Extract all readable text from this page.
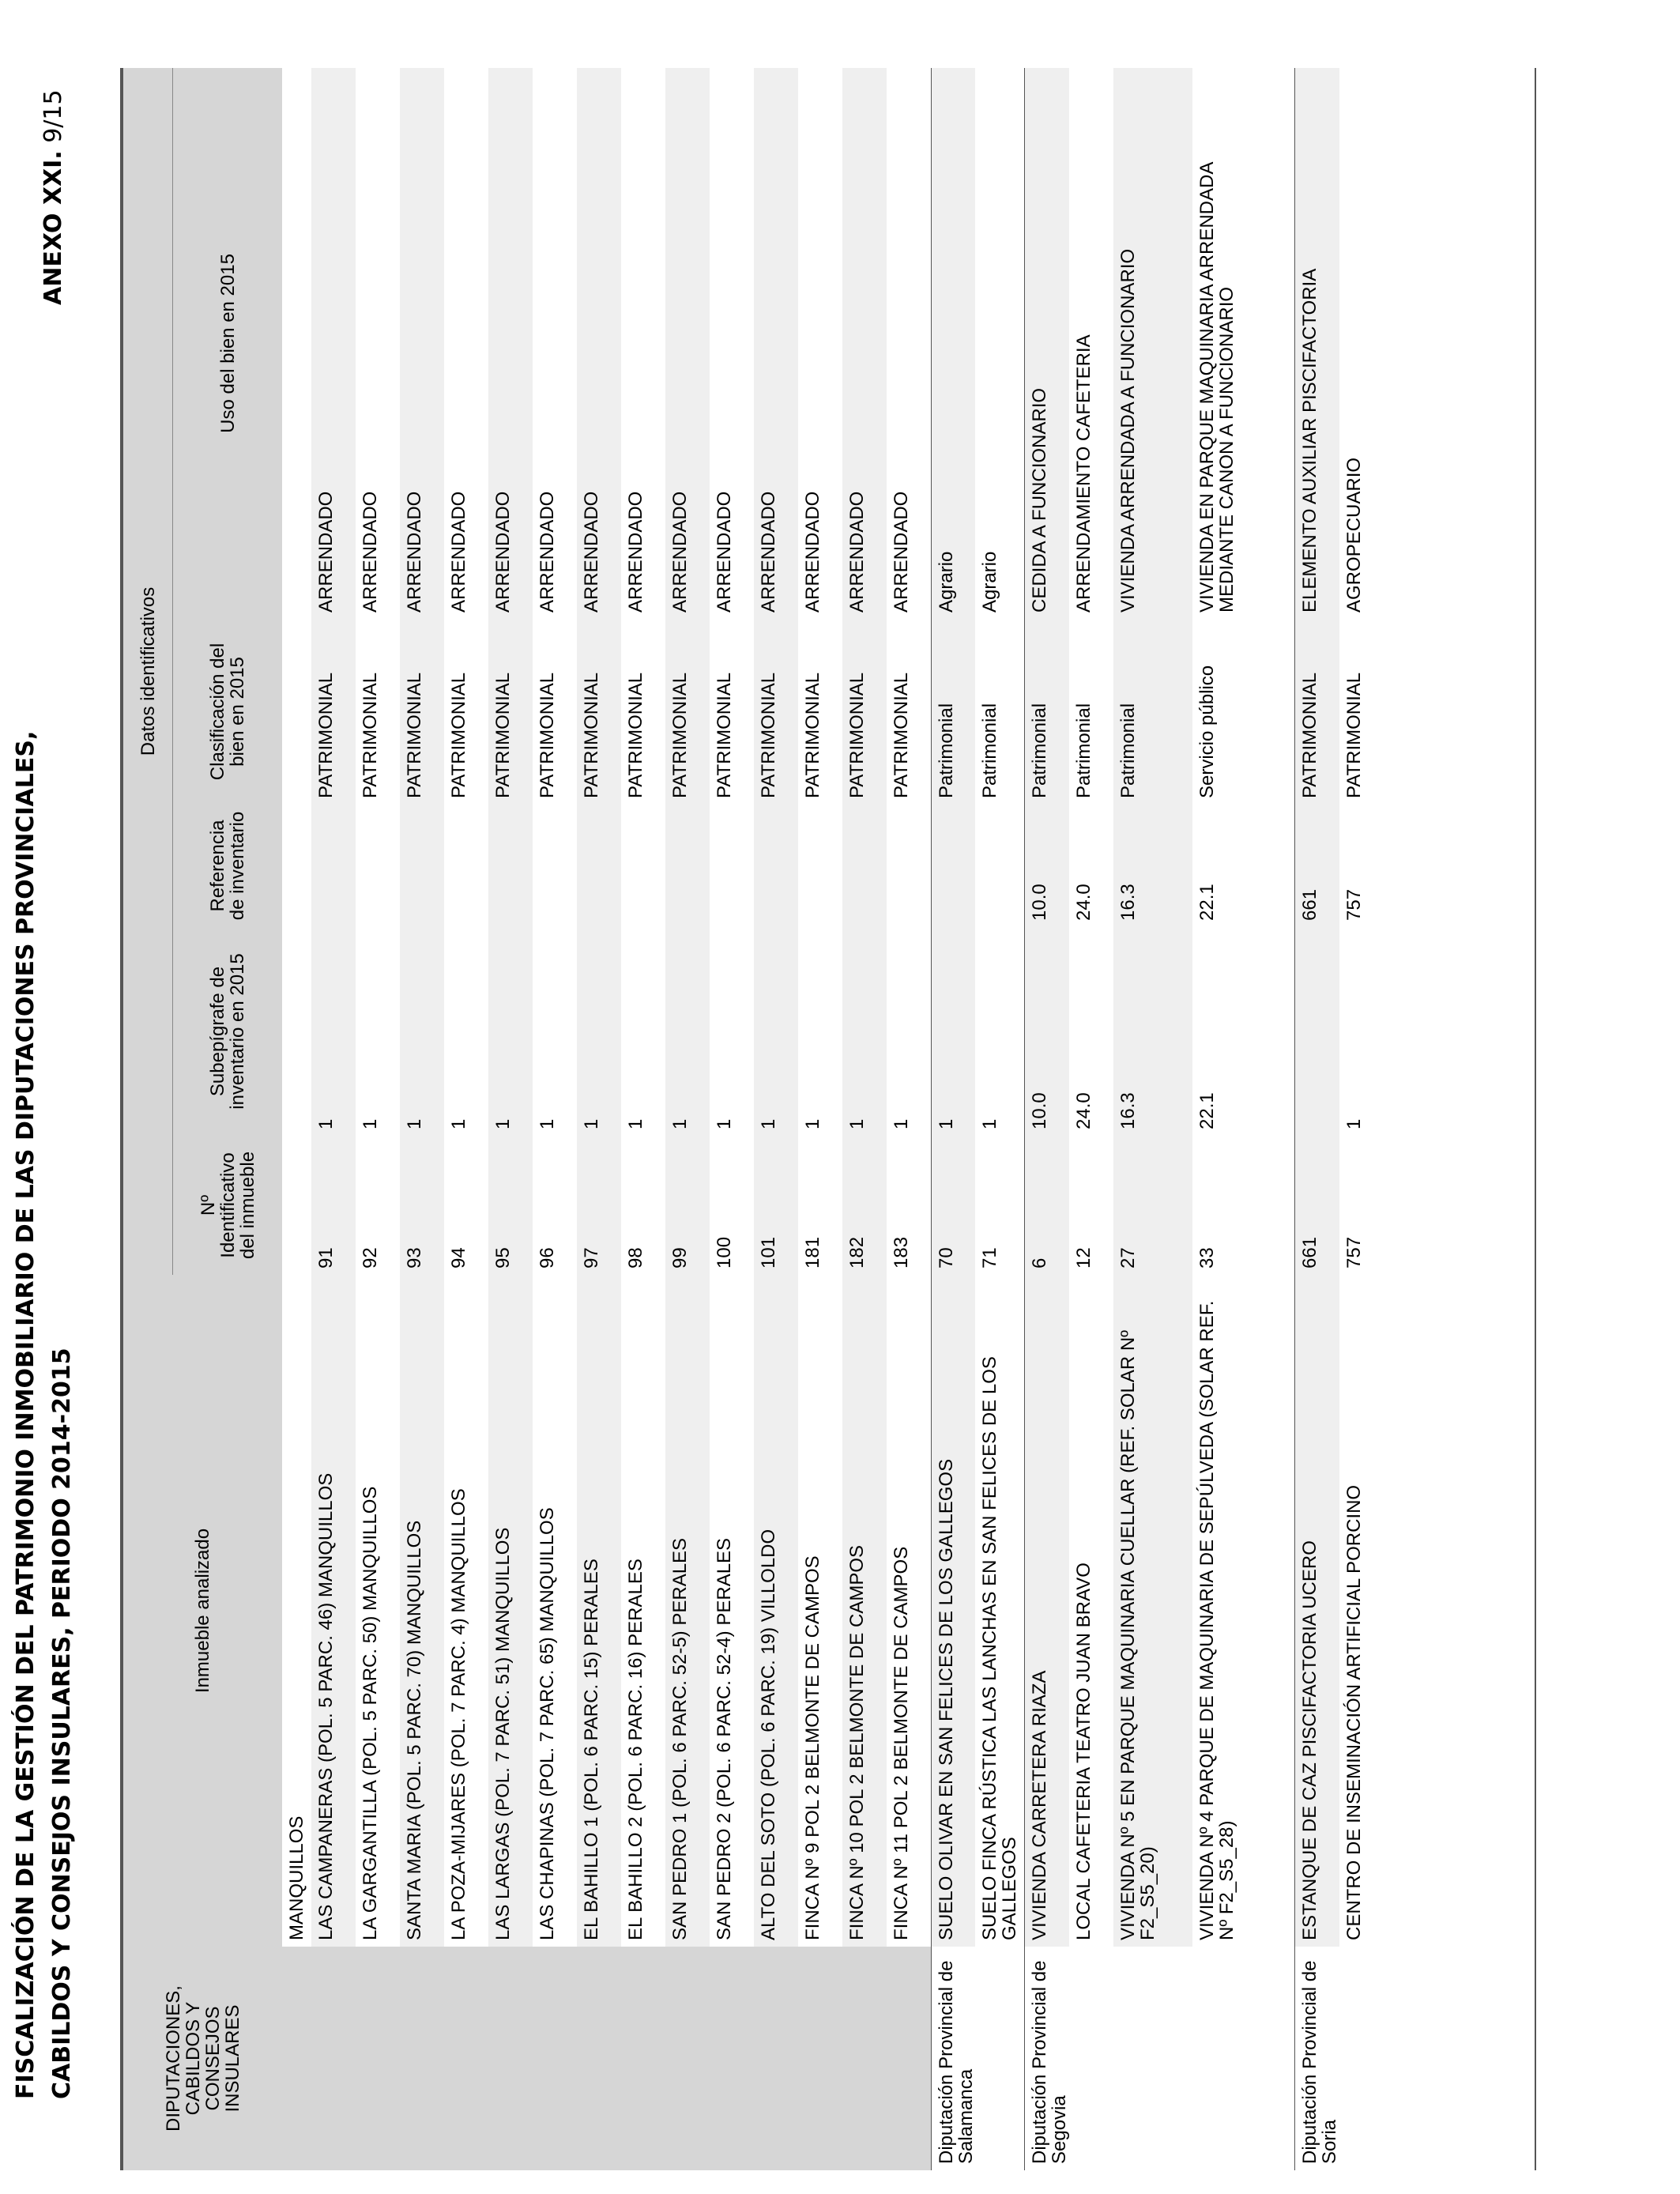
FISCALIZACIÓN DE LA GESTIÓN DEL PATRIMONIO INMOBILIARIO DE LAS DIPUTACIONES PROVINCIALES, CABILDOS Y CONSEJOS INSULARES, PERIODO 2014-2015
ANEXO XXI. 9/15
DIPUTACIONES, CABILDOS Y CONSEJOS INSULARES	Inmueble analizado	Datos identificativos				
		Nº Identificativo del inmueble	Subepígrafe de inventario en 2015	Referencia de inventario	Clasificación del bien en 2015	Uso del bien en 2015
	MANQUILLOS					
	LAS CAMPANERAS (POL. 5 PARC. 46) MANQUILLOS	91	1		PATRIMONIAL	ARRENDADO
	LA GARGANTILLA (POL. 5 PARC. 50) MANQUILLOS	92	1		PATRIMONIAL	ARRENDADO
	SANTA MARIA (POL. 5 PARC. 70) MANQUILLOS	93	1		PATRIMONIAL	ARRENDADO
	LA POZA-MIJARES (POL. 7 PARC. 4) MANQUILLOS	94	1		PATRIMONIAL	ARRENDADO
	LAS LARGAS (POL. 7 PARC. 51) MANQUILLOS	95	1		PATRIMONIAL	ARRENDADO
	LAS CHAPINAS (POL. 7 PARC. 65) MANQUILLOS	96	1		PATRIMONIAL	ARRENDADO
	EL BAHILLO 1 (POL. 6 PARC. 15) PERALES	97	1		PATRIMONIAL	ARRENDADO
	EL BAHILLO 2 (POL. 6 PARC. 16) PERALES	98	1		PATRIMONIAL	ARRENDADO
	SAN PEDRO 1 (POL. 6 PARC. 52-5) PERALES	99	1		PATRIMONIAL	ARRENDADO
	SAN PEDRO 2 (POL. 6 PARC. 52-4) PERALES	100	1		PATRIMONIAL	ARRENDADO
	ALTO DEL SOTO (POL. 6 PARC. 19) VILLOLDO	101	1		PATRIMONIAL	ARRENDADO
	FINCA Nº 9 POL 2 BELMONTE DE CAMPOS	181	1		PATRIMONIAL	ARRENDADO
	FINCA Nº 10 POL 2 BELMONTE DE CAMPOS	182	1		PATRIMONIAL	ARRENDADO
	FINCA Nº 11 POL 2 BELMONTE DE CAMPOS	183	1		PATRIMONIAL	ARRENDADO
Diputación Provincial de Salamanca	SUELO OLIVAR EN SAN FELICES DE LOS GALLEGOS	70	1		Patrimonial	Agrario
	SUELO FINCA RÚSTICA LAS LANCHAS EN SAN FELICES DE LOS GALLEGOS	71	1		Patrimonial	Agrario
Diputación Provincial de Segovia	VIVIENDA CARRETERA RIAZA	6	10.0	10.0	Patrimonial	CEDIDA A FUNCIONARIO
	LOCAL CAFETERIA TEATRO JUAN BRAVO	12	24.0	24.0	Patrimonial	ARRENDAMIENTO CAFETERIA
	VIVIENDA Nº 5 EN PARQUE MAQUINARIA CUELLAR (REF. SOLAR Nº F2_S5_20)	27	16.3	16.3	Patrimonial	VIVIENDA ARRENDADA A FUNCIONARIO
	VIVIENDA Nº 4 PARQUE DE MAQUINARIA DE SEPÚLVEDA (SOLAR REF. Nº F2_S5_28)	33	22.1	22.1	Servicio público	VIVIENDA EN PARQUE MAQUINARIA ARRENDADA MEDIANTE CANON A FUNCIONARIO
Diputación Provincial de Soria	ESTANQUE DE CAZ PISCIFACTORIA UCERO	661		661	PATRIMONIAL	ELEMENTO AUXILIAR PISCIFACTORIA
	CENTRO DE INSEMINACIÓN ARTIFICIAL PORCINO	757	1	757	PATRIMONIAL	AGROPECUARIO
